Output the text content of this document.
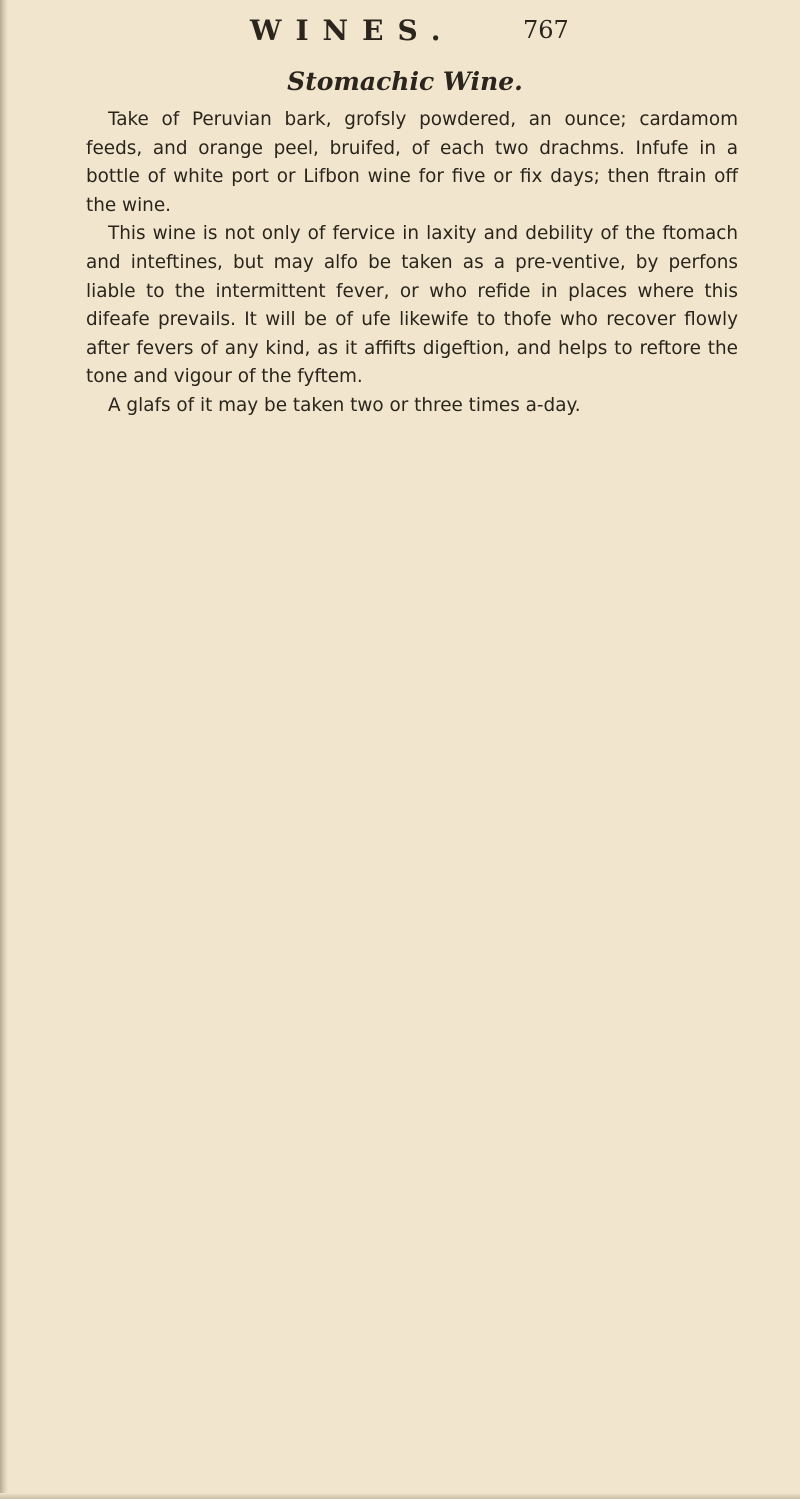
WINES.	767
Stomachic Wine.

Take of Peruvian bark, grofsly powdered, an ounce; cardamom feeds, and orange peel, bruifed, of each two drachms. Infufe in a bottle of white port or Lifbon wine for five or fix days; then ftrain off the wine.

This wine is not only of fervice in laxity and debility of the ftomach and inteftines, but may alfo be taken as a pre-ventive, by perfons liable to the intermittent fever, or who refide in places where this difeafe prevails. It will be of ufe likewife to thofe who recover flowly after fevers of any kind, as it affifts digeftion, and helps to reftore the tone and vigour of the fyftem.

A glafs of it may be taken two or three times a-day.
